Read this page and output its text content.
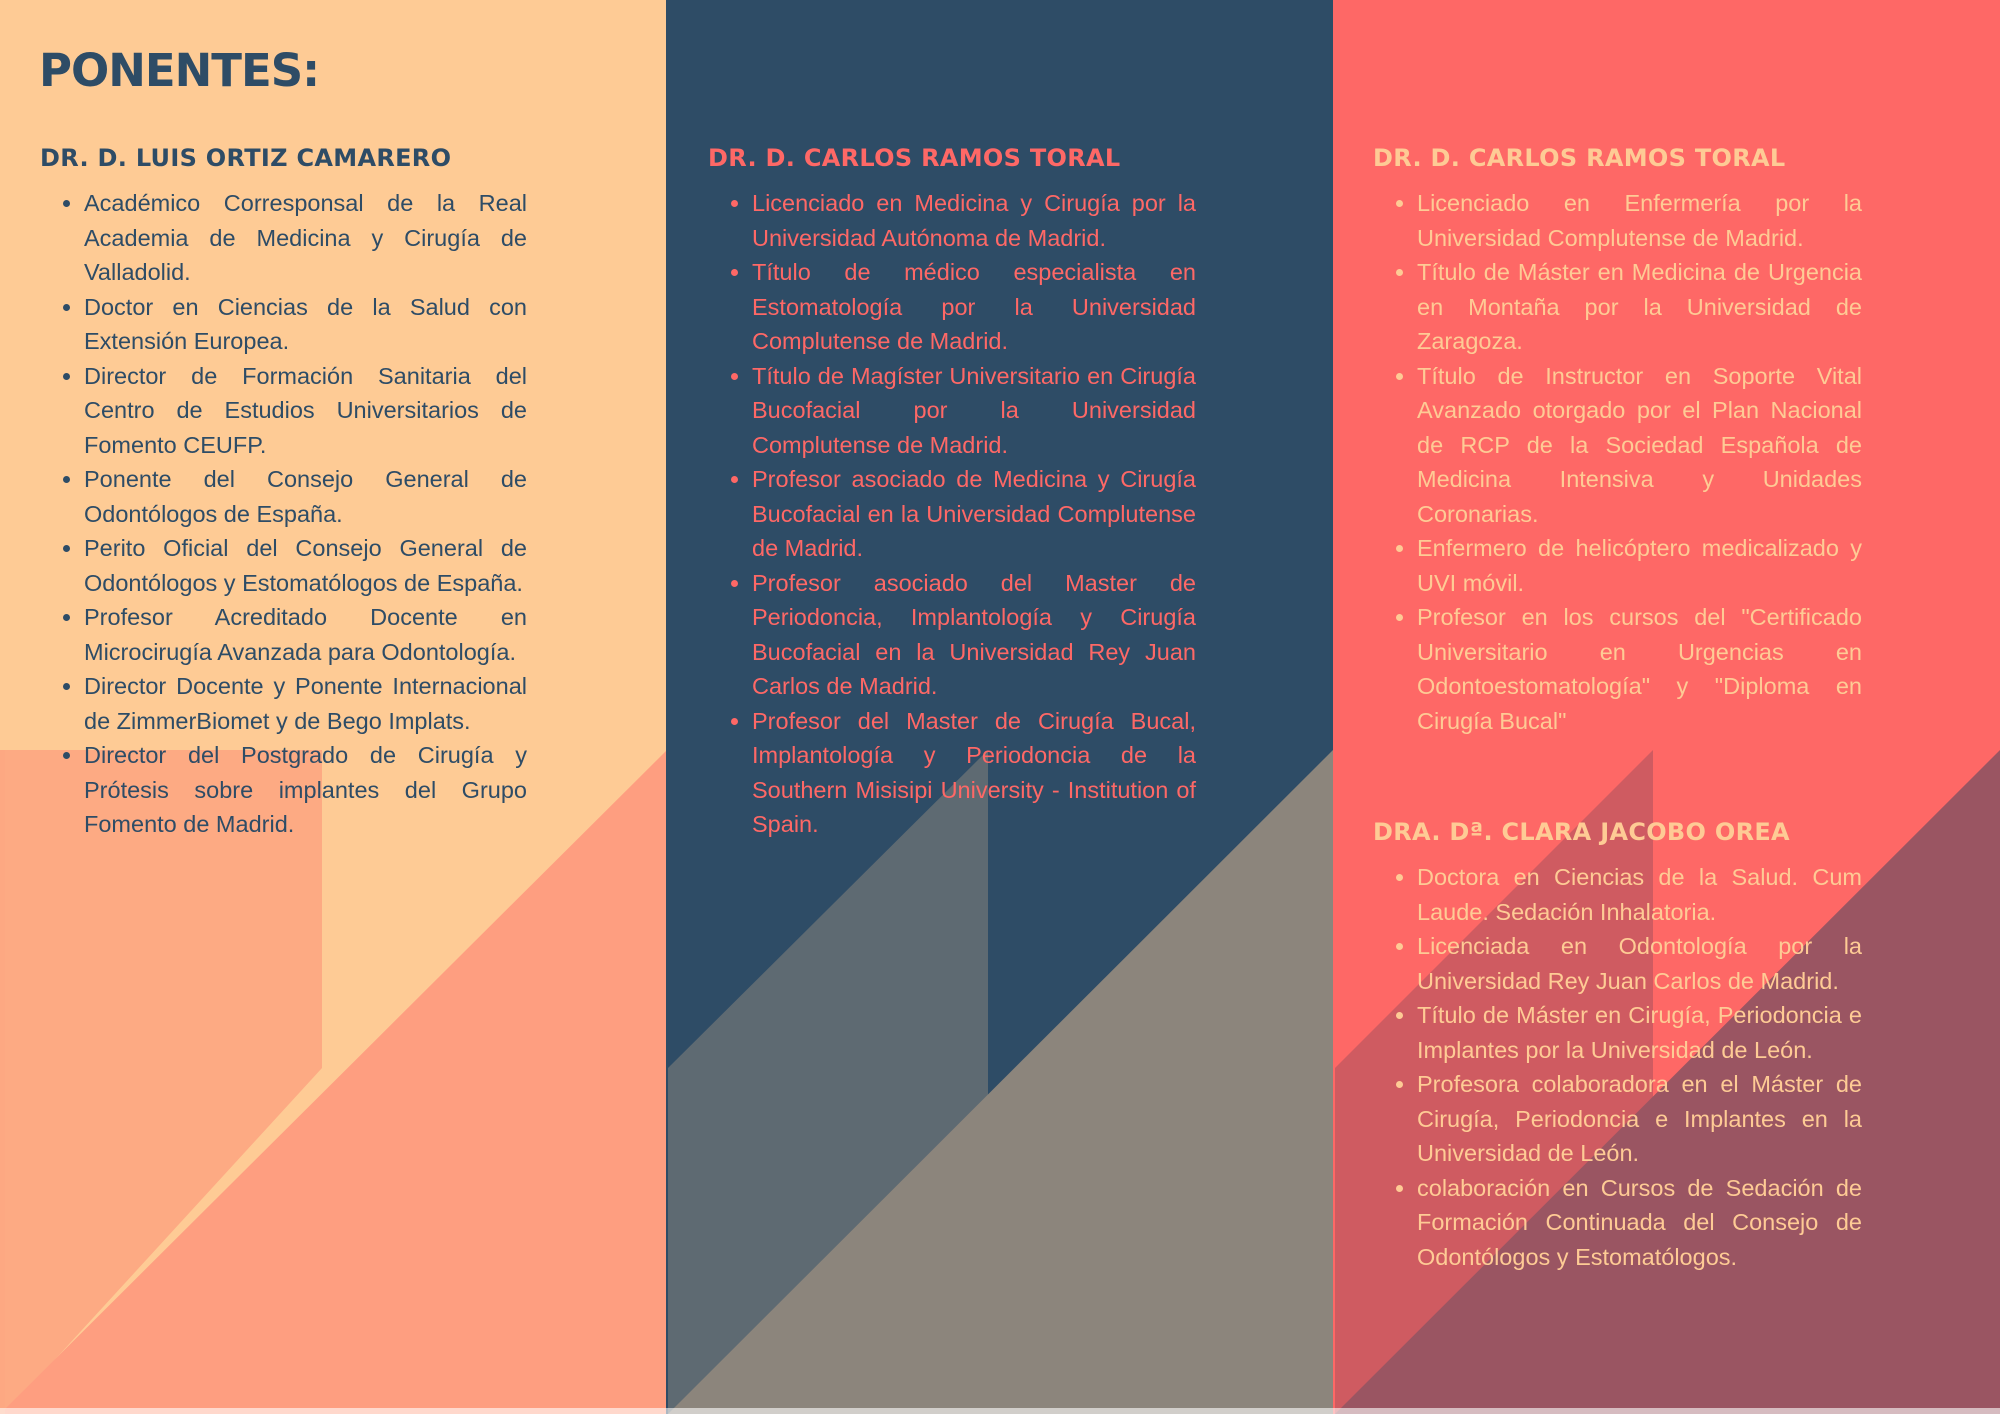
PONENTES:
DR. D. LUIS ORTIZ CAMARERO
• Académico Corresponsal de la Real Academia de Medicina y Cirugía de Valladolid.
• Doctor en Ciencias de la Salud con Extensión Europea.
• Director de Formación Sanitaria del Centro de Estudios Universitarios de Fomento CEUFP.
• Ponente del Consejo General de Odontólogos de España.
• Perito Oficial del Consejo General de Odontólogos y Estomatólogos de España.
• Profesor Acreditado Docente en Microcirugía Avanzada para Odontología.
• Director Docente y Ponente Internacional de ZimmerBiomet y de Bego Implats.
• Director del Postgrado de Cirugía y Prótesis sobre implantes del Grupo Fomento de Madrid.
DR. D. CARLOS RAMOS TORAL
• Licenciado en Medicina y Cirugía por la Universidad Autónoma de Madrid.
• Título de médico especialista en Estomatología por la Universidad Complutense de Madrid.
• Título de Magíster Universitario en Cirugía Bucofacial por la Universidad Complutense de Madrid.
• Profesor asociado de Medicina y Cirugía Bucofacial en la Universidad Complutense de Madrid.
• Profesor asociado del Master de Periodoncia, Implantología y Cirugía Bucofacial en la Universidad Rey Juan Carlos de Madrid.
• Profesor del Master de Cirugía Bucal, Implantología y Periodoncia de la Southern Misisipi University - Institution of Spain.
DR. D. CARLOS RAMOS TORAL
• Licenciado en Enfermería por la Universidad Complutense de Madrid.
• Título de Máster en Medicina de Urgencia en Montaña por la Universidad de Zaragoza.
• Título de Instructor en Soporte Vital Avanzado otorgado por el Plan Nacional de RCP de la Sociedad Española de Medicina Intensiva y Unidades Coronarias.
• Enfermero de helicóptero medicalizado y UVI móvil.
• Profesor en los cursos del "Certificado Universitario en Urgencias en Odontoestomatología" y "Diploma en Cirugía Bucal"
DRA. Dª. CLARA JACOBO OREA
• Doctora en Ciencias de la Salud. Cum Laude. Sedación Inhalatoria.
• Licenciada en Odontología por la Universidad Rey Juan Carlos de Madrid.
• Título de Máster en Cirugía, Periodoncia e Implantes por la Universidad de León.
• Profesora colaboradora en el Máster de Cirugía, Periodoncia e Implantes en la Universidad de León.
• colaboración en Cursos de Sedación de Formación Continuada del Consejo de Odontólogos y Estomatólogos.
